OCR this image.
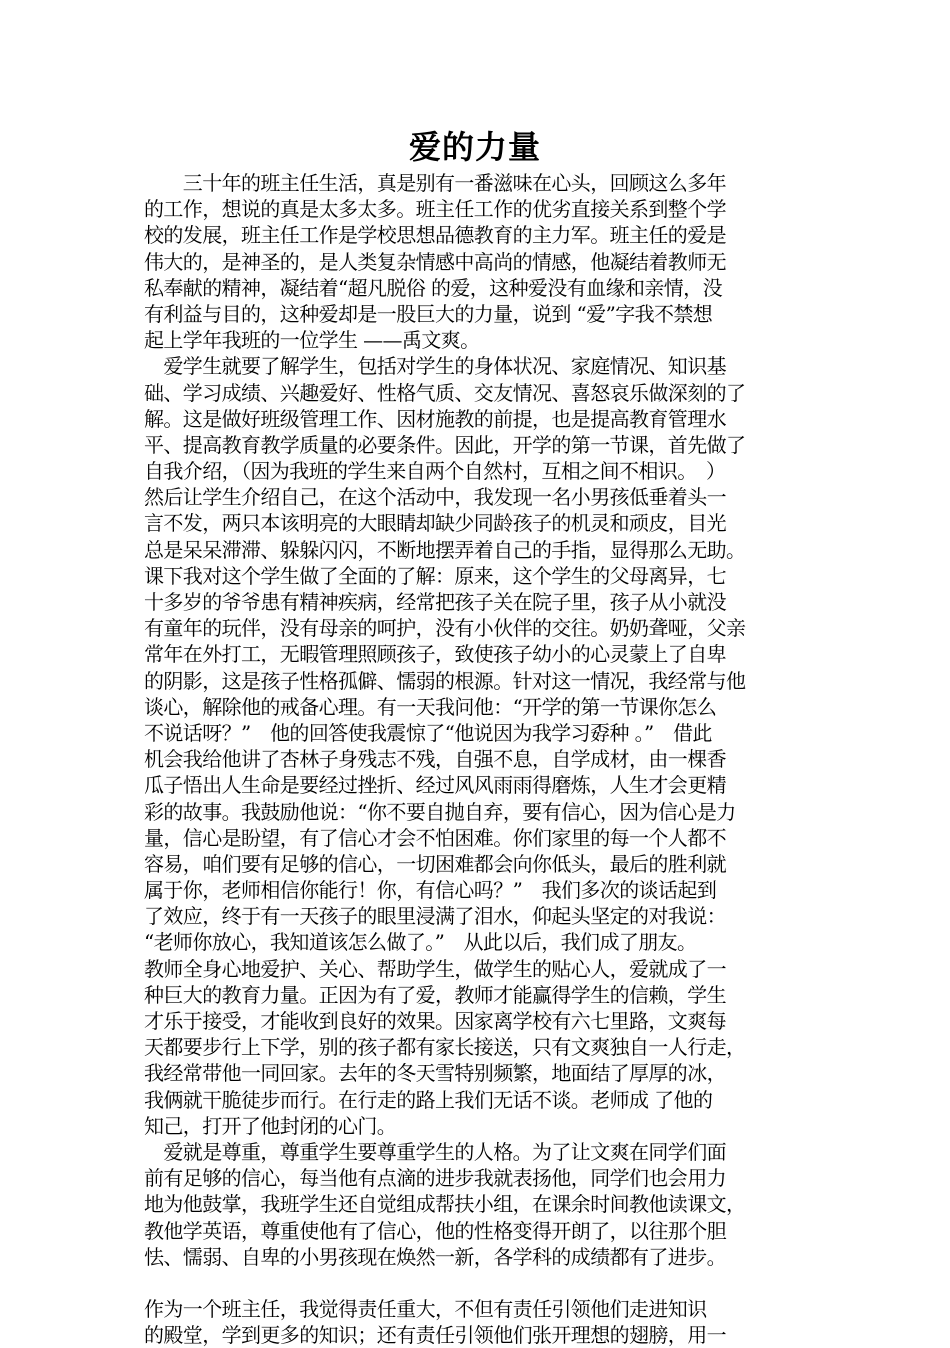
爱的力量
　　三十年的班主任生活，真是别有一番滋味在心头，回顾这么多年
的工作，想说的真是太多太多。班主任工作的优劣直接关系到整个学
校的发展，班主任工作是学校思想品德教育的主力军。班主任的爱是
伟大的，是神圣的，是人类复杂情感中高尚的情感，他凝结着教师无
私奉献的精神，凝结着“超凡脱俗 的爱，这种爱没有血缘和亲情，没
有利益与目的，这种爱却是一股巨大的力量，说到 “爱”字我不禁想
起上学年我班的一位学生 ——禹文爽。
　爱学生就要了解学生，包括对学生的身体状况、家庭情况、知识基
础、学习成绩、兴趣爱好、性格气质、交友情况、喜怒哀乐做深刻的了
解。这是做好班级管理工作、因材施教的前提，也是提高教育管理水
平、提高教育教学质量的必要条件。因此，开学的第一节课，首先做了
自我介绍，（因为我班的学生来自两个自然村，互相之间不相识。　）
然后让学生介绍自己，在这个活动中，我发现一名小男孩低垂着头一
言不发，两只本该明亮的大眼睛却缺少同龄孩子的机灵和顽皮，目光
总是呆呆滞滞、躲躲闪闪，不断地摆弄着自己的手指，显得那么无助。
课下我对这个学生做了全面的了解：原来，这个学生的父母离异，七
十多岁的爷爷患有精神疾病，经常把孩子关在院子里，孩子从小就没
有童年的玩伴，没有母亲的呵护，没有小伙伴的交往。奶奶聋哑，父亲
常年在外打工，无暇管理照顾孩子，致使孩子幼小的心灵蒙上了自卑
的阴影，这是孩子性格孤僻、懦弱的根源。针对这一情况，我经常与他
谈心，解除他的戒备心理。有一天我问他：“开学的第一节课你怎么
不说话呀？”　他的回答使我震惊了“他说因为我学习孬种 。”　借此
机会我给他讲了杏林子身残志不残，自强不息，自学成材，由一棵香
瓜子悟出人生命是要经过挫折、经过风风雨雨得磨炼，人生才会更精
彩的故事。我鼓励他说：“你不要自抛自弃，要有信心，因为信心是力
量，信心是盼望，有了信心才会不怕困难。你们家里的每一个人都不
容易，咱们要有足够的信心，一切困难都会向你低头，最后的胜利就
属于你，老师相信你能行！你，有信心吗？”　我们多次的谈话起到
了效应，终于有一天孩子的眼里浸满了泪水，仰起头坚定的对我说：
“老师你放心，我知道该怎么做了。”　从此以后，我们成了朋友。
教师全身心地爱护、关心、帮助学生，做学生的贴心人，爱就成了一
种巨大的教育力量。正因为有了爱，教师才能赢得学生的信赖，学生
才乐于接受，才能收到良好的效果。因家离学校有六七里路，文爽每
天都要步行上下学，别的孩子都有家长接送，只有文爽独自一人行走，
我经常带他一同回家。去年的冬天雪特别频繁，地面结了厚厚的冰，
我俩就干脆徒步而行。在行走的路上我们无话不谈。老师成 了他的
知己，打开了他封闭的心门。
　爱就是尊重，尊重学生要尊重学生的人格。为了让文爽在同学们面
前有足够的信心，每当他有点滴的进步我就表扬他，同学们也会用力
地为他鼓掌，我班学生还自觉组成帮扶小组，在课余时间教他读课文，
教他学英语，尊重使他有了信心，他的性格变得开朗了，以往那个胆
怯、懦弱、自卑的小男孩现在焕然一新，各学科的成绩都有了进步。
作为一个班主任，我觉得责任重大，不但有责任引领他们走进知识
的殿堂，学到更多的知识；还有责任引领他们张开理想的翅膀，用一
